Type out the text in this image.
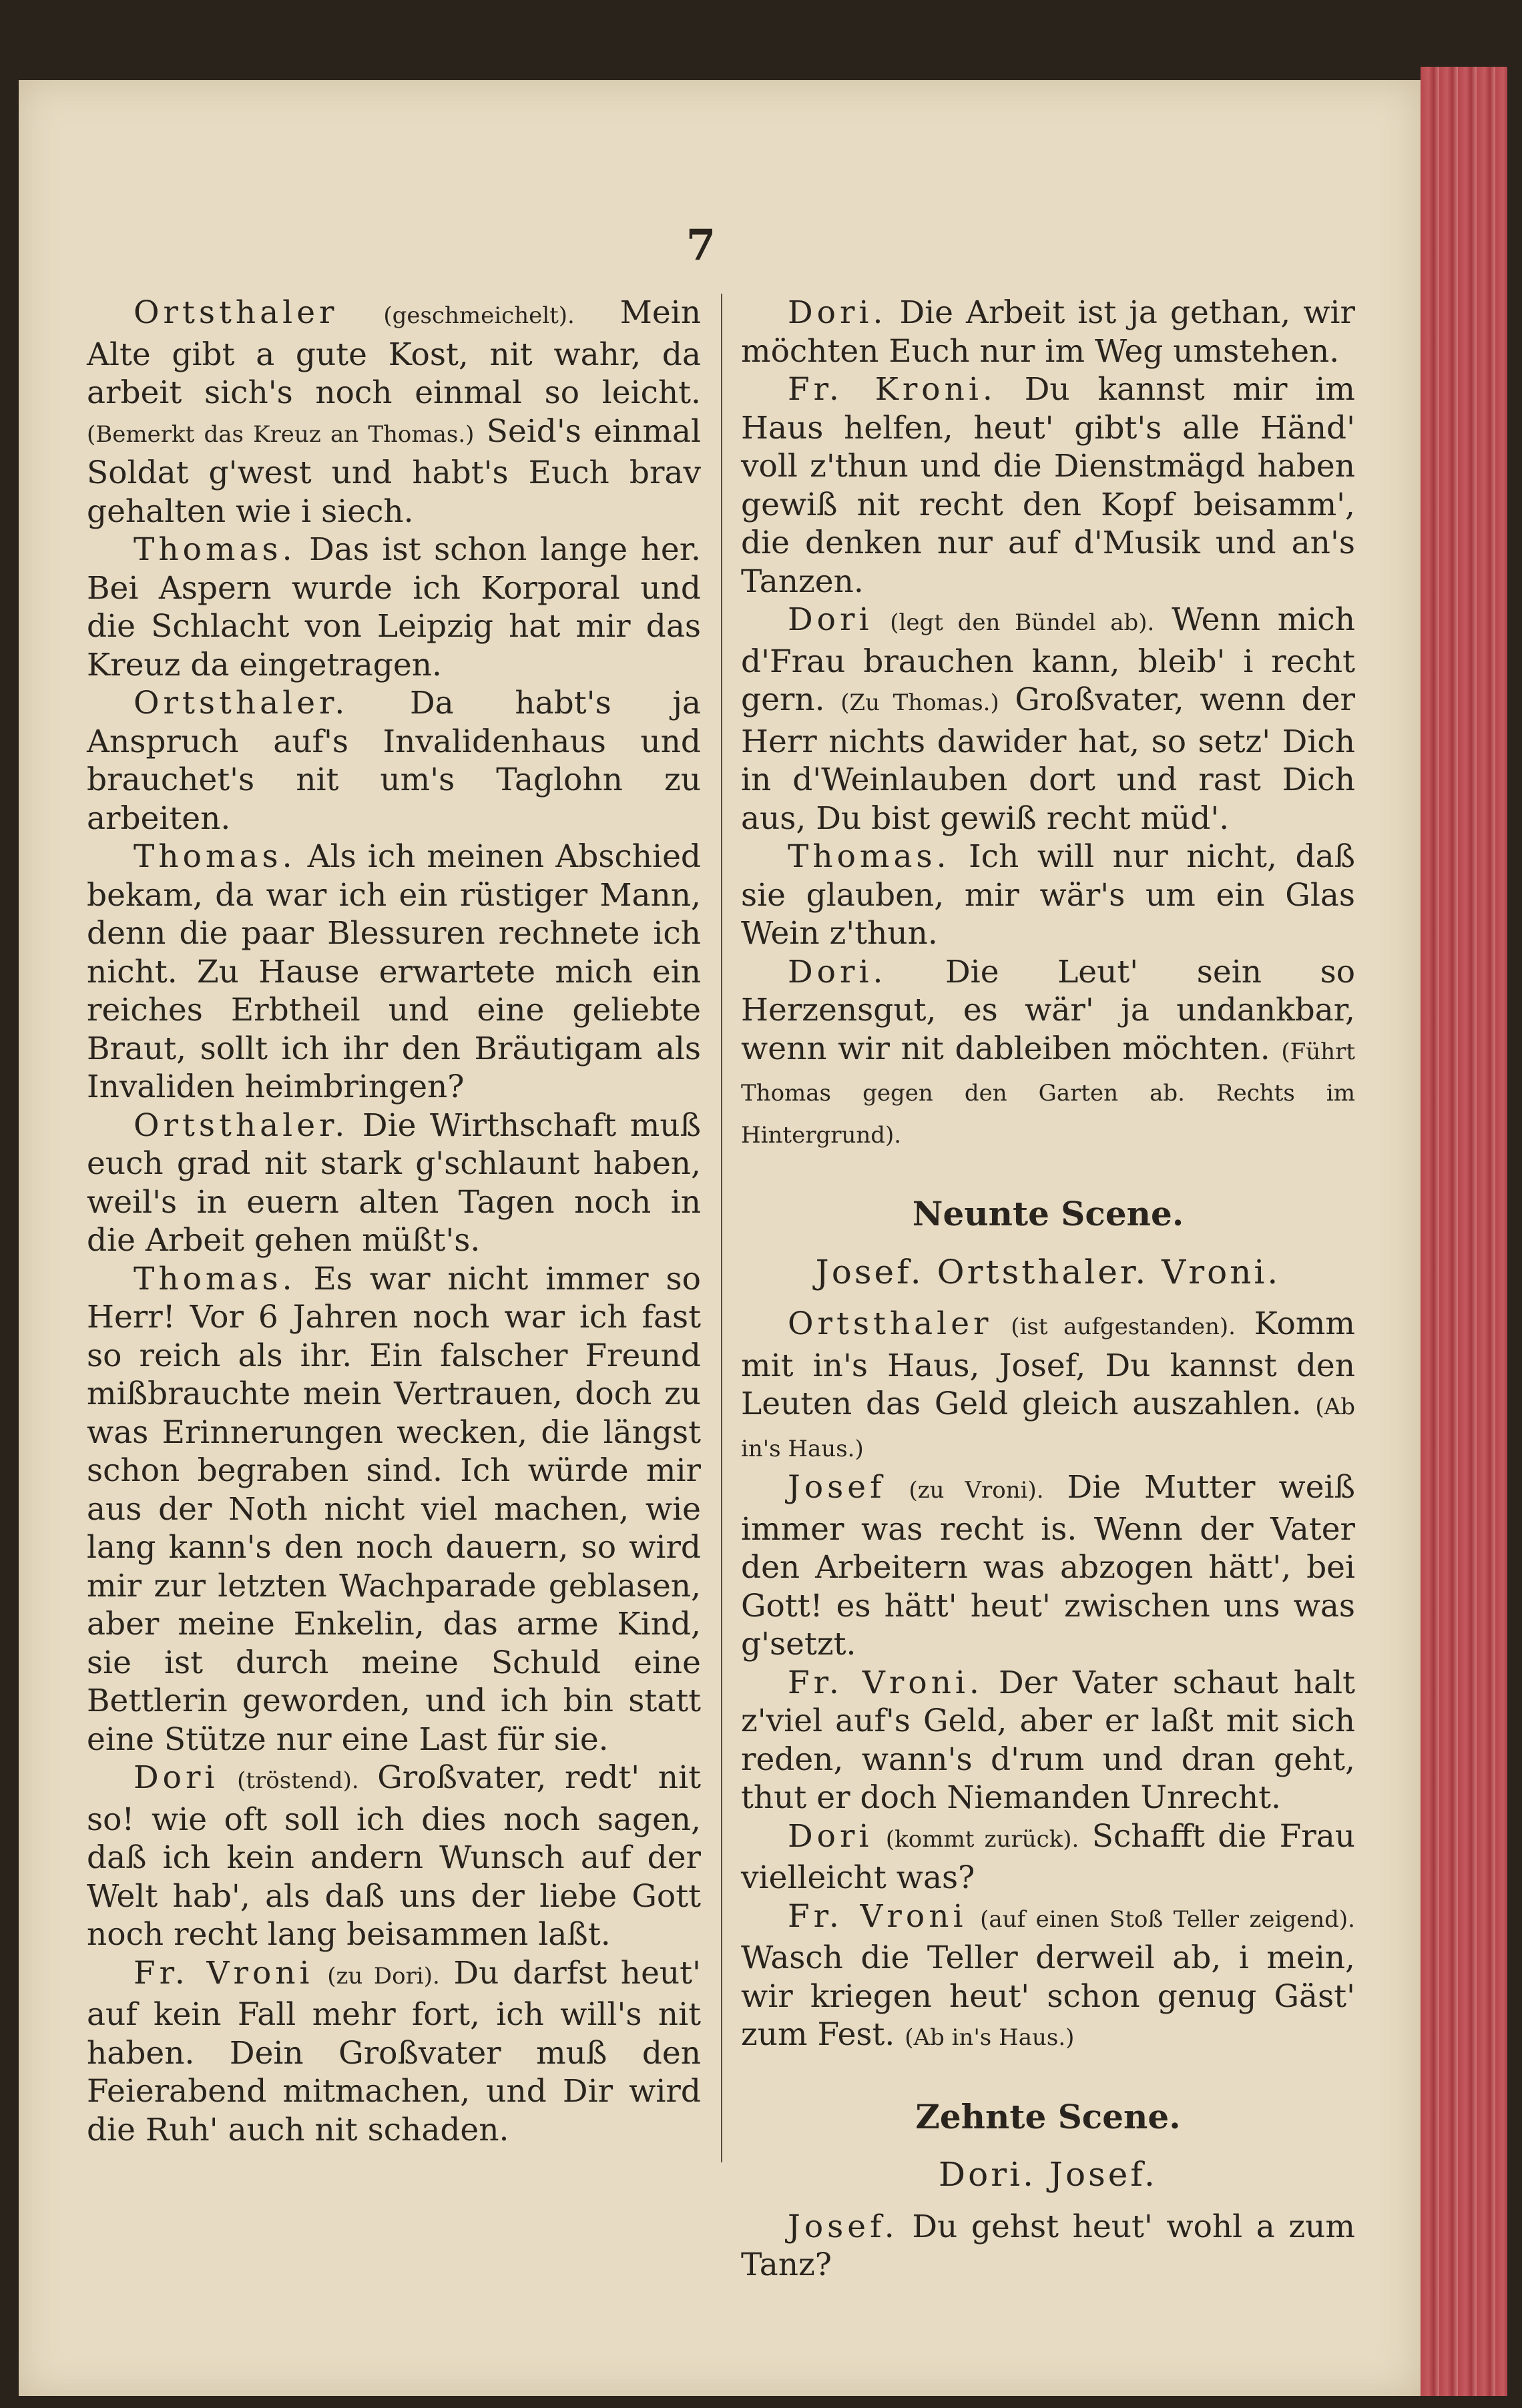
7

Ortsthaler (geschmeichelt). Mein Alte gibt a gute Kost, nit wahr, da arbeit sich's noch einmal so leicht. (Bemerkt das Kreuz an Thomas.) Seid's einmal Soldat g'west und habt's Euch brav gehalten wie i siech.

Thomas. Das ist schon lange her. Bei Aspern wurde ich Korporal und die Schlacht von Leipzig hat mir das Kreuz da eingetragen.

Ortsthaler. Da habt's ja Anspruch auf's Invalidenhaus und brauchet's nit um's Taglohn zu arbeiten.

Thomas. Als ich meinen Abschied bekam, da war ich ein rüstiger Mann, denn die paar Blessuren rechnete ich nicht. Zu Hause erwartete mich ein reiches Erbtheil und eine geliebte Braut, sollt ich ihr den Bräutigam als Invaliden heimbringen?

Ortsthaler. Die Wirthschaft muß euch grad nit stark g'schlaunt haben, weil's in euern alten Tagen noch in die Arbeit gehen müßt's.

Thomas. Es war nicht immer so Herr! Vor 6 Jahren noch war ich fast so reich als ihr. Ein falscher Freund mißbrauchte mein Vertrauen, doch zu was Erinnerungen wecken, die längst schon begraben sind. Ich würde mir aus der Noth nicht viel machen, wie lang kann's den noch dauern, so wird mir zur letzten Wachparade geblasen, aber meine Enkelin, das arme Kind, sie ist durch meine Schuld eine Bettlerin geworden, und ich bin statt eine Stütze nur eine Last für sie.

Dori (tröstend). Großvater, redt' nit so! wie oft soll ich dies noch sagen, daß ich kein andern Wunsch auf der Welt hab', als daß uns der liebe Gott noch recht lang beisammen laßt.

Fr. Vroni (zu Dori). Du darfst heut' auf kein Fall mehr fort, ich will's nit haben. Dein Großvater muß den Feierabend mitmachen, und Dir wird die Ruh' auch nit schaden.

Dori. Die Arbeit ist ja gethan, wir möchten Euch nur im Weg umstehen.

Fr. Kroni. Du kannst mir im Haus helfen, heut' gibt's alle Händ' voll z'thun und die Dienstmägd haben gewiß nit recht den Kopf beisamm', die denken nur auf d'Musik und an's Tanzen.

Dori (legt den Bündel ab). Wenn mich d'Frau brauchen kann, bleib' i recht gern. (Zu Thomas.) Großvater, wenn der Herr nichts dawider hat, so setz' Dich in d'Weinlauben dort und rast Dich aus, Du bist gewiß recht müd'.

Thomas. Ich will nur nicht, daß sie glauben, mir wär's um ein Glas Wein z'thun.

Dori. Die Leut' sein so Herzensgut, es wär' ja undankbar, wenn wir nit dableiben möchten. (Führt Thomas gegen den Garten ab. Rechts im Hintergrund).

Neunte Scene.
Josef. Ortsthaler. Vroni.

Ortsthaler (ist aufgestanden). Komm mit in's Haus, Josef, Du kannst den Leuten das Geld gleich auszahlen. (Ab in's Haus.)

Josef (zu Vroni). Die Mutter weiß immer was recht is. Wenn der Vater den Arbeitern was abzogen hätt', bei Gott! es hätt' heut' zwischen uns was g'setzt.

Fr. Vroni. Der Vater schaut halt z'viel auf's Geld, aber er laßt mit sich reden, wann's d'rum und dran geht, thut er doch Niemanden Unrecht.

Dori (kommt zurück). Schafft die Frau vielleicht was?

Fr. Vroni (auf einen Stoß Teller zeigend). Wasch die Teller derweil ab, i mein, wir kriegen heut' schon genug Gäst' zum Fest. (Ab in's Haus.)

Zehnte Scene.
Dori. Josef.

Josef. Du gehst heut' wohl a zum Tanz?
